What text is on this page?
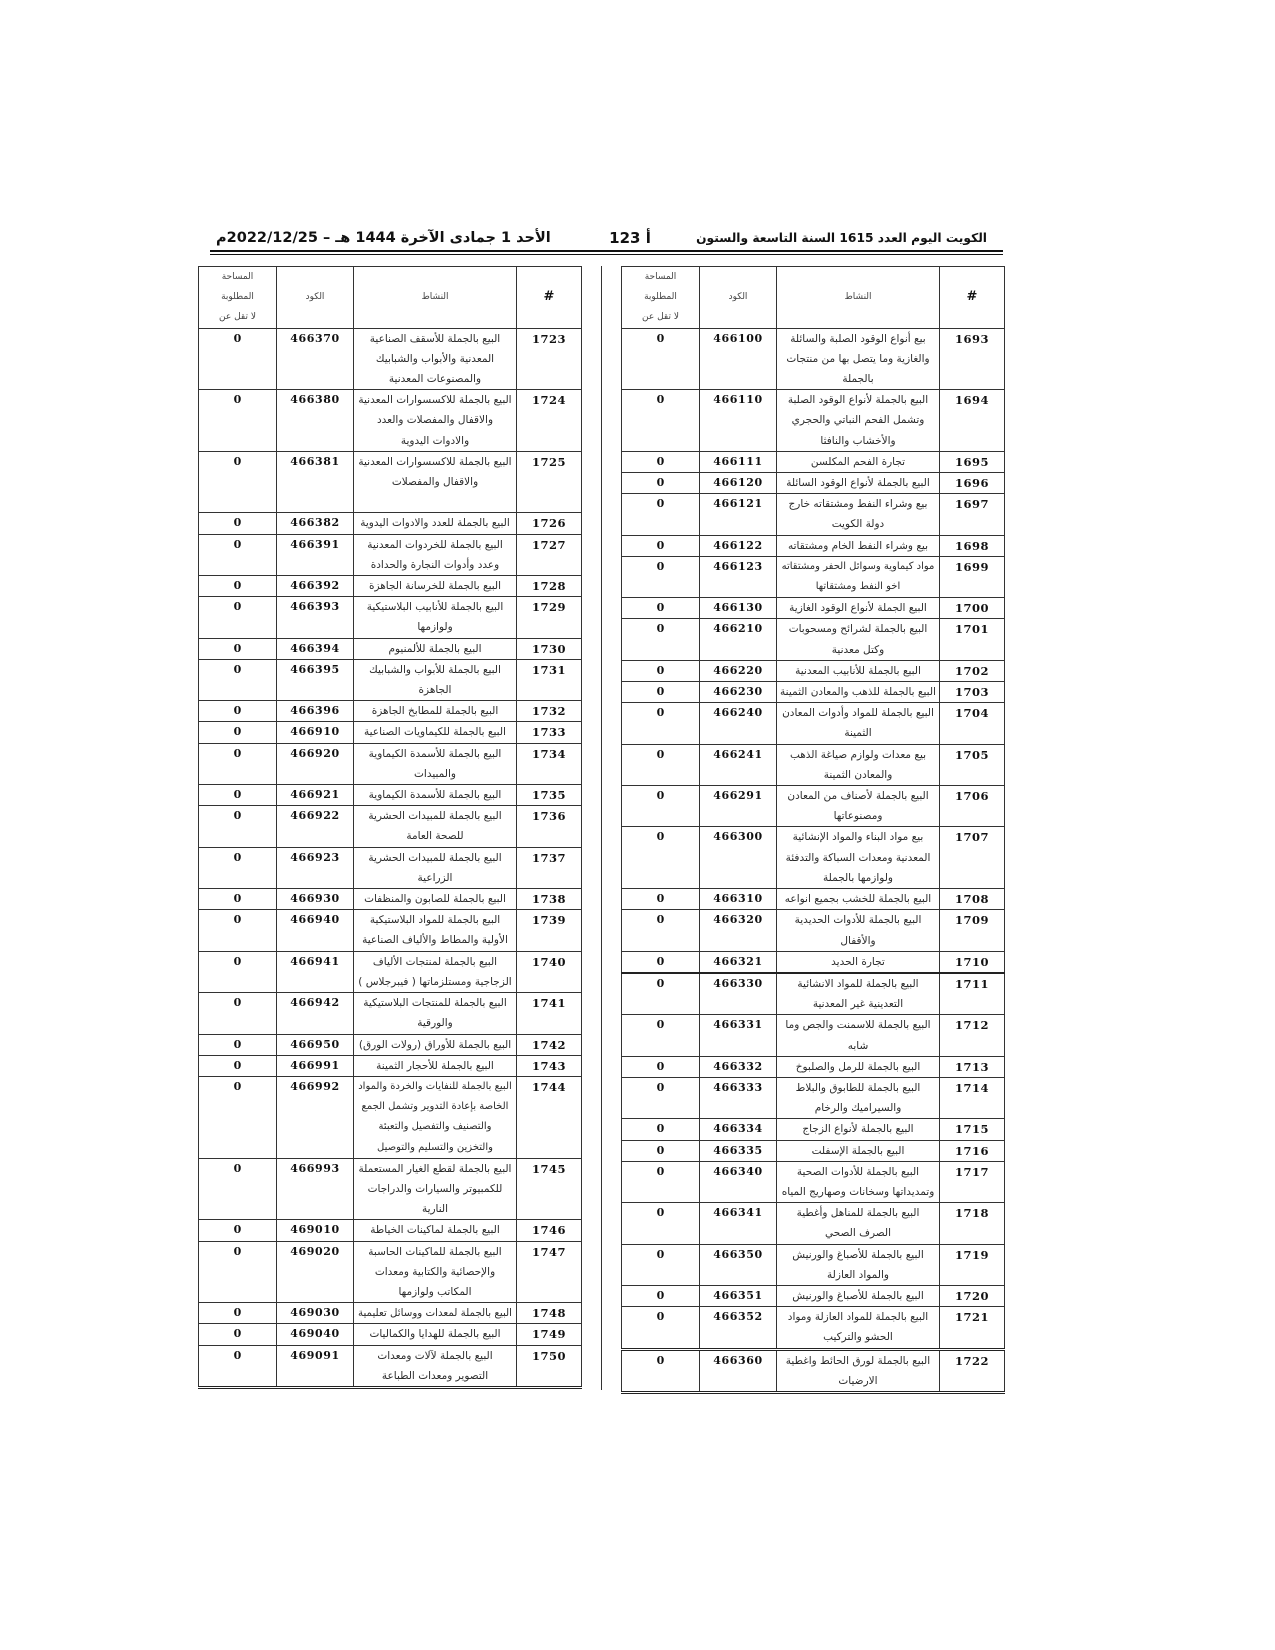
الكويت اليوم العدد 1615 السنة التاسعة والستون
أ 123
الأحد 1 جمادى الآخرة 1444 هـ – 2022/12/25م
#	النشاط	الكود	المساحة
المطلوبة
لا تقل عن

1693	بيع أنواع الوقود الصلبة والسائلة
والغازية وما يتصل بها من منتجات
بالجملة	466100	0

1694	البيع بالجملة لأنواع الوقود الصلبة
وتشمل الفحم النباتي والحجري
والأخشاب والنافثا	466110	0

1695	تجارة الفحم المكلسن	466111	0

1696	البيع بالجملة لأنواع الوقود السائلة	466120	0

1697	بيع وشراء النفط ومشتقاته خارج
دولة الكويت	466121	0

1698	بيع وشراء النفط الخام ومشتقاته	466122	0

1699	مواد كيماوية وسوائل الحفر ومشتقاته
اخو النفط ومشتقاتها	466123	0

1700	البيع الجملة لأنواع الوقود الغازية	466130	0

1701	البيع بالجملة لشرائح ومسحوبات
وكتل معدنية	466210	0

1702	البيع بالجملة للأنابيب المعدنية	466220	0

1703	البيع بالجملة للذهب والمعادن الثمينة	466230	0

1704	البيع بالجملة للمواد وأدوات المعادن
الثمينة	466240	0

1705	بيع معدات ولوازم صياغة الذهب
والمعادن الثمينة	466241	0

1706	البيع بالجملة لأصناف من المعادن
ومصنوعاتها	466291	0

1707	بيع مواد البناء والمواد الإنشائية
المعدنية ومعدات السباكة والتدفئة
ولوازمها بالجملة	466300	0

1708	البيع بالجملة للخشب بجميع انواعه	466310	0

1709	البيع بالجملة للأدوات الحديدية
والأقفال	466320	0

1710	تجارة الحديد	466321	0

1711	البيع بالجملة للمواد الانشائية
التعدينية غير المعدنية	466330	0

1712	البيع بالجملة للاسمنت والجص وما
شابه	466331	0

1713	البيع بالجملة للرمل والصلبوخ	466332	0

1714	البيع بالجملة للطابوق والبلاط
والسيراميك والرخام	466333	0

1715	البيع بالجملة لأنواع الزجاج	466334	0

1716	البيع بالجملة الإسفلت	466335	0

1717	البيع بالجملة للأدوات الصحية
وتمديداتها وسخانات وصهاريج المياه	466340	0

1718	البيع بالجملة للمناهل وأغطية
الصرف الصحي	466341	0

1719	البيع بالجملة للأصباغ والورنيش
والمواد العازلة	466350	0

1720	البيع بالجملة للأصباغ والورنيش	466351	0

1721	البيع بالجملة للمواد العازلة ومواد
الحشو والتركيب	466352	0

1722	البيع بالجملة لورق الحائط واغطية
الارضيات	466360	0
#	النشاط	الكود	المساحة
المطلوبة
لا تقل عن

1723	البيع بالجملة للأسقف الصناعية
المعدنية والأبواب والشبابيك
والمصنوعات المعدنية	466370	0

1724	البيع بالجملة للاكسسوارات المعدنية
والاقفال والمفصلات والعدد
والادوات اليدوية	466380	0

1725	البيع بالجملة للاكسسوارات المعدنية
والاقفال والمفصلات	466381	0

1726	البيع بالجملة للعدد والادوات اليدوية	466382	0

1727	البيع بالجملة للخردوات المعدنية
وعدد وأدوات النجارة والحدادة	466391	0

1728	البيع بالجملة للخرسانة الجاهزة	466392	0

1729	البيع بالجملة للأنابيب البلاستيكية
ولوازمها	466393	0

1730	البيع بالجملة للألمنيوم	466394	0

1731	البيع بالجملة للأبواب والشبابيك
الجاهزة	466395	0

1732	البيع بالجملة للمطابخ الجاهزة	466396	0

1733	البيع بالجملة للكيماويات الصناعية	466910	0

1734	البيع بالجملة للأسمدة الكيماوية
والمبيدات	466920	0

1735	البيع بالجملة للأسمدة الكيماوية	466921	0

1736	البيع بالجملة للمبيدات الحشرية
للصحة العامة	466922	0

1737	البيع بالجملة للمبيدات الحشرية
الزراعية	466923	0

1738	البيع بالجملة للصابون والمنظفات	466930	0

1739	البيع بالجملة للمواد البلاستيكية
الأولية والمطاط والألياف الصناعية	466940	0

1740	البيع بالجملة لمنتجات الألياف
الزجاجية ومستلزماتها ( فيبرجلاس )	466941	0

1741	البيع بالجملة للمنتجات البلاستيكية
والورقية	466942	0

1742	البيع بالجملة للأوراق (رولات الورق)	466950	0

1743	البيع بالجملة للأحجار الثمينة	466991	0

1744	البيع بالجملة للنفايات والخردة والمواد
الخاصة بإعادة التدوير وتشمل الجمع
والتصنيف والتفصيل والتعبئة
والتخزين والتسليم والتوصيل	466992	0

1745	البيع بالجملة لقطع الغيار المستعملة
للكمبيوتر والسيارات والدراجات
النارية	466993	0

1746	البيع بالجملة لماكينات الخياطة	469010	0

1747	البيع بالجملة للماكينات الحاسبة
والإحصائية والكتابية ومعدات
المكاتب ولوازمها	469020	0

1748	البيع بالجملة لمعدات ووسائل تعليمية	469030	0

1749	البيع بالجملة للهدايا والكماليات	469040	0

1750	البيع بالجملة لآلات ومعدات
التصوير ومعدات الطباعة	469091	0
